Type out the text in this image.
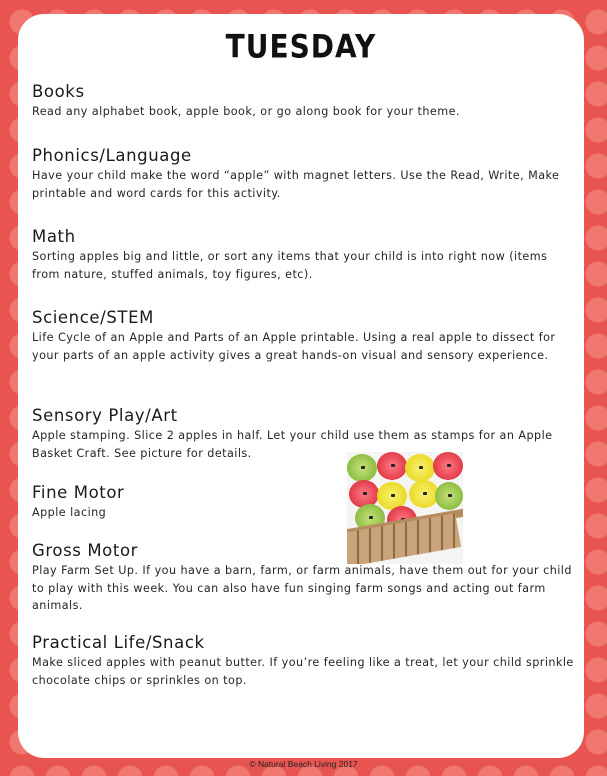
TUESDAY
Books

Read any alphabet book, apple book, or go along book for your theme.

Phonics/Language

Have your child make the word “apple” with magnet letters. Use the Read, Write, Make printable and word cards for this activity.

Math

Sorting apples big and little, or sort any items that your child is into right now (items from nature, stuffed animals, toy figures, etc).

Science/STEM

Life Cycle of an Apple and Parts of an Apple printable. Using a real apple to dissect for your parts of an apple activity gives a great hands-on visual and sensory experience.

Sensory Play/Art

Apple stamping. Slice 2 apples in half. Let your child use them as stamps for an Apple Basket Craft. See picture for details.

Fine Motor

Apple lacing

Gross Motor

Play Farm Set Up. If you have a barn, farm, or farm animals, have them out for your child to play with this week. You can also have fun singing farm songs and acting out farm animals.

Practical Life/Snack

Make sliced apples with peanut butter. If you’re feeling like a treat, let your child sprinkle chocolate chips or sprinkles on top.

© Natural Beach Living 2017
